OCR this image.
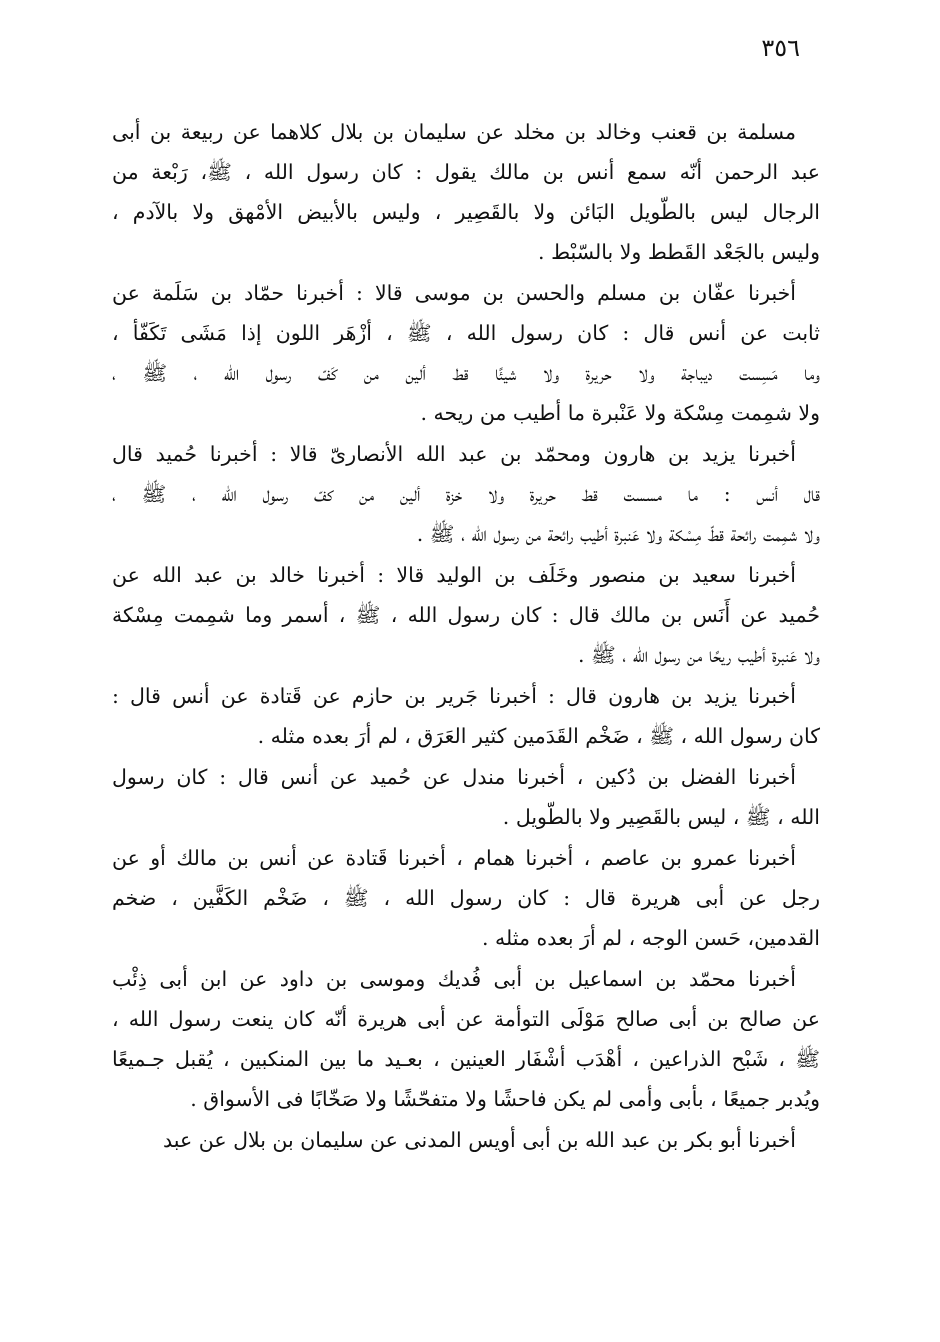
٣٥٦
مسلمة بن قعنب وخالد بن مخلد عن سليمان بن بلال كلاهما عن ربيعة بن أبى
عبد الرحمن أنّه سمع أنس بن مالك يقول : كان رسول الله ، ﷺ، رَبْعة من
الرجال ليس بالطّويل البَائن ولا بالقَصِير ، وليس بالأبيض الأمْهق ولا بالآدم ،
وليس بالجَعْد القَطط ولا بالسّبْط .
أخبرنا عفّان بن مسلم والحسن بن موسى قالا : أخبرنا حمّاد بن سَلَمة عن
ثابت عن أنس قال : كان رسول الله ، ﷺ ، أزْهَر اللون إذا مَشَى تَكَفّأ ،
وما مَسِست ديباجة ولا حريرة ولا شيئًا قط ألين من كَفّ رسول الله ، ﷺ ،
ولا شمِمت مِسْكة ولا عَنْبرة ما أطيب من ريحه .
أخبرنا يزيد بن هارون ومحمّد بن عبد الله الأنصارىّ قالا : أخبرنا حُميد قال
قال أنس : ما مسست قط حريرة ولا خزة ألين من كفّ رسول الله ، ﷺ ،
ولا شمِمت رائحة قطّ مِسْكة ولا عَنبرة أطيب رائحة من رسول الله ، ﷺ .
أخبرنا سعيد بن منصور وخَلَف بن الوليد قالا : أخبرنا خالد بن عبد الله عن
حُميد عن أَنَس بن مالك قال : كان رسول الله ، ﷺ ، أسمر وما شمِمت مِسْكة
ولا عَنبرة أطيب ريحًا من رسول الله ، ﷺ .
أخبرنا يزيد بن هارون قال : أخبرنا جَرير بن حازم عن قَتادة عن أنس قال :
كان رسول الله ، ﷺ ، ضَخْم القَدَمين كثير العَرَق ، لم أرَ بعده مثله .
أخبرنا الفضل بن دُكين ، أخبرنا مندل عن حُميد عن أنس قال : كان رسول
الله ، ﷺ ، ليس بالقَصِير ولا بالطّويل .
أخبرنا عمرو بن عاصم ، أخبرنا همام ، أخبرنا قَتادة عن أنس بن مالك أو عن
رجل عن أبى هريرة قال : كان رسول الله ، ﷺ ، ضَخْم الكَفَّين ، ضخم
القدمين، حَسن الوجه ، لم أرَ بعده مثله .
أخبرنا محمّد بن اسماعيل بن أبى فُديك وموسى بن داود عن ابن أبى ذِئْب
عن صالح بن أبى صالح مَوْلَى التوأمة عن أبى هريرة أنّه كان ينعت رسول الله ،
ﷺ ، شَبْح الذراعين ، أهْدَب أشْفَار العينين ، بعـيد ما بين المنكبين ، يُقبل جـميعًا
ويُدبر جميعًا ، بأبى وأمى لم يكن فاحشًا ولا متفحّشًا ولا صَخّابًا فى الأسواق .
أخبرنا أبو بكر بن عبد الله بن أبى أويس المدنى عن سليمان بن بلال عن عبد
